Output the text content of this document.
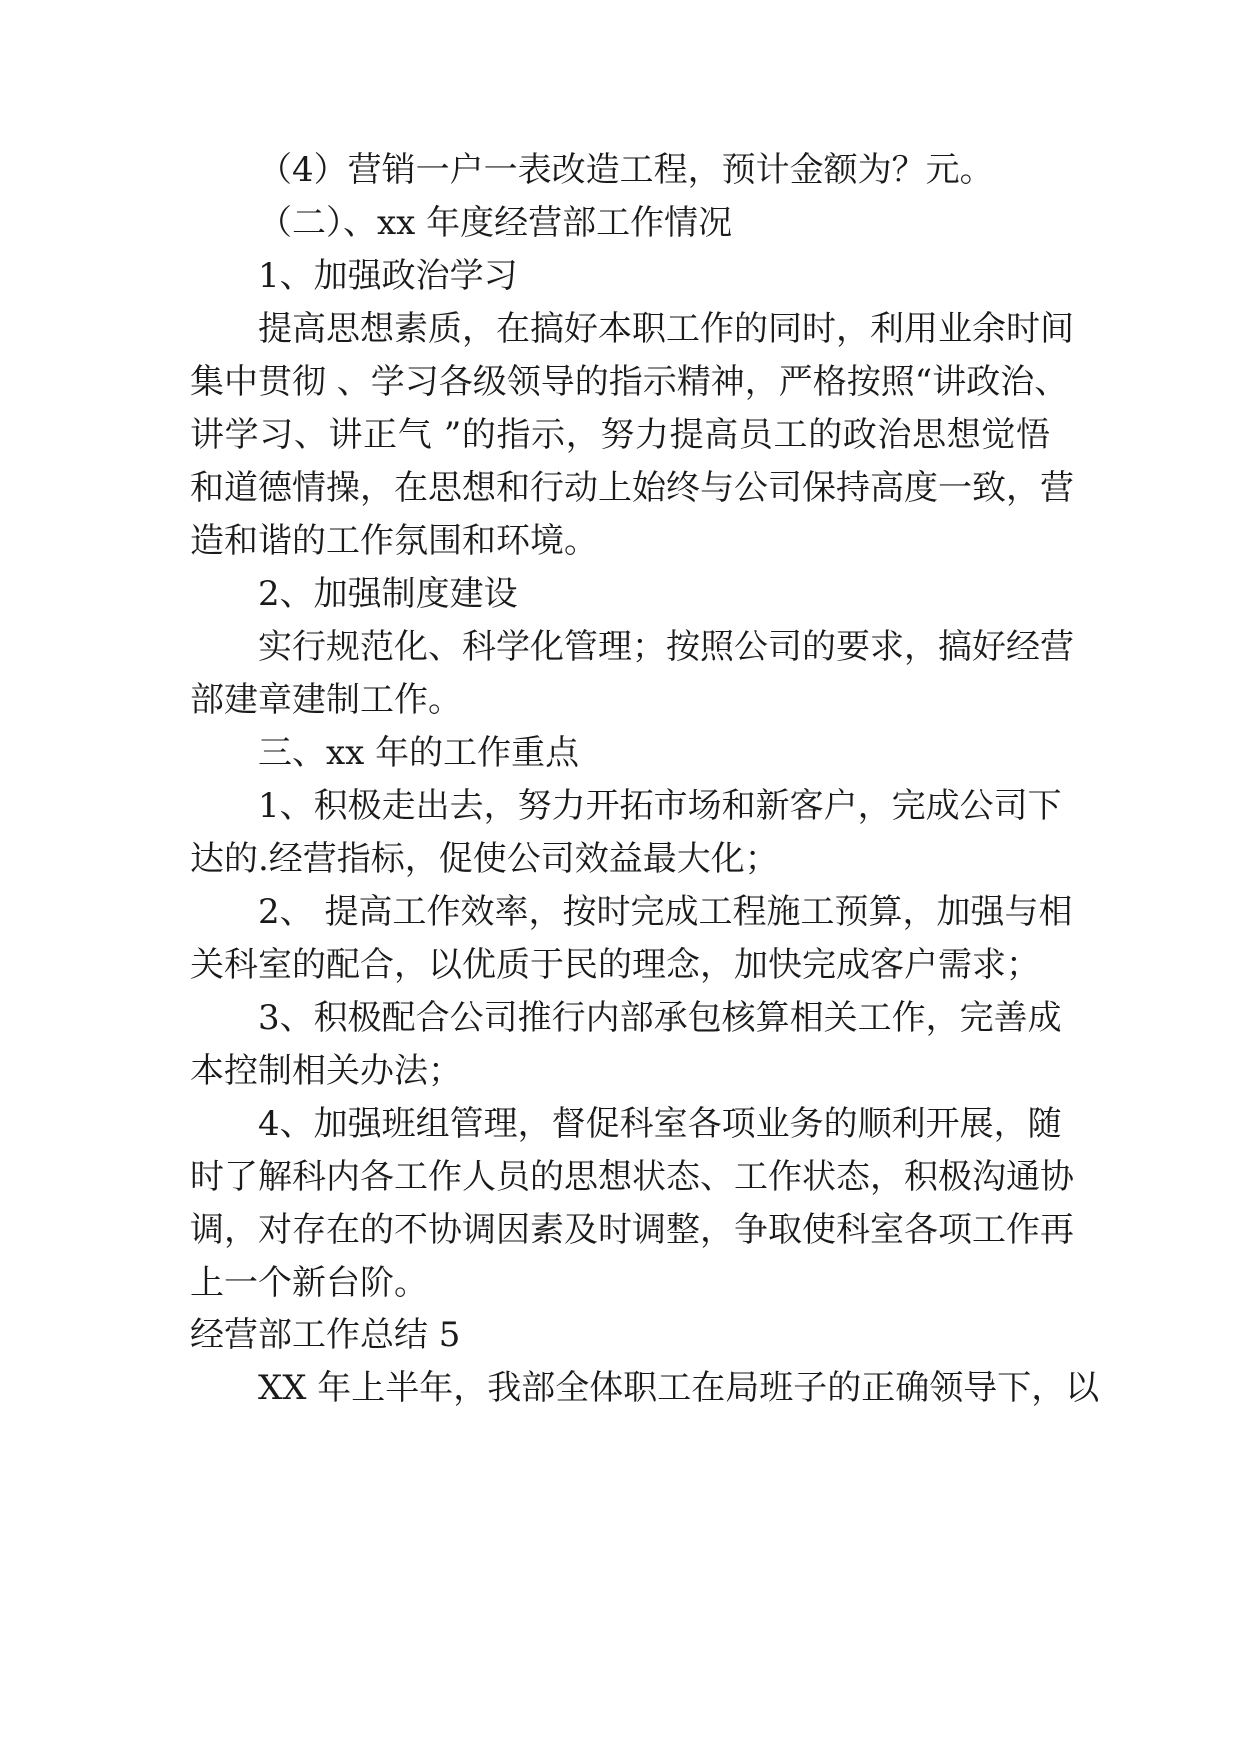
（4）营销一户一表改造工程，预计金额为？元。
（二）、xx 年度经营部工作情况
1、加强政治学习
提高思想素质，在搞好本职工作的同时，利用业余时间
集中贯彻 、学习各级领导的指示精神，严格按照“讲政治、
讲学习、讲正气 ”的指示，努力提高员工的政治思想觉悟
和道德情操，在思想和行动上始终与公司保持高度一致，营
造和谐的工作氛围和环境。
2、加强制度建设
实行规范化、科学化管理；按照公司的要求，搞好经营
部建章建制工作。
三、xx 年的工作重点
1、积极走出去，努力开拓市场和新客户，完成公司下
达的.经营指标，促使公司效益最大化；
2、 提高工作效率，按时完成工程施工预算，加强与相
关科室的配合，以优质于民的理念，加快完成客户需求；
3、积极配合公司推行内部承包核算相关工作，完善成
本控制相关办法；
4、加强班组管理，督促科室各项业务的顺利开展，随
时了解科内各工作人员的思想状态、工作状态，积极沟通协
调，对存在的不协调因素及时调整，争取使科室各项工作再
上一个新台阶。
经营部工作总结 5
XX 年上半年，我部全体职工在局班子的正确领导下，以
